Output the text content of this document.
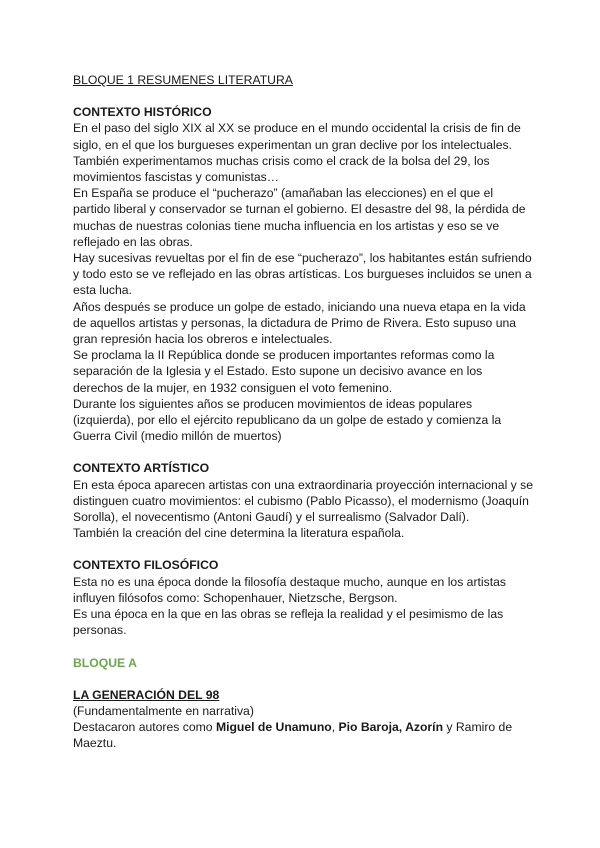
BLOQUE 1 RESUMENES LITERATURA

CONTEXTO HISTÓRICO

En el paso del siglo XIX al XX se produce en el mundo occidental la crisis de fin de siglo, en el que los burgueses experimentan un gran declive por los intelectuales.

También experimentamos muchas crisis como el crack de la bolsa del 29, los movimientos fascistas y comunistas…

En España se produce el “pucherazo” (amañaban las elecciones) en el que el partido liberal y conservador se turnan el gobierno. El desastre del 98, la pérdida de muchas de nuestras colonias tiene mucha influencia en los artistas y eso se ve reflejado en las obras.

Hay sucesivas revueltas por el fin de ese “pucherazo”, los habitantes están sufriendo y todo esto se ve reflejado en las obras artísticas. Los burgueses incluidos se unen a esta lucha.

Años después se produce un golpe de estado, iniciando una nueva etapa en la vida de aquellos artistas y personas, la dictadura de Primo de Rivera. Esto supuso una gran represión hacia los obreros e intelectuales.

Se proclama la II República donde se producen importantes reformas como la separación de la Iglesia y el Estado. Esto supone un decisivo avance en los derechos de la mujer, en 1932 consiguen el voto femenino.

Durante los siguientes años se producen movimientos de ideas populares (izquierda), por ello el ejército republicano da un golpe de estado y comienza la Guerra Civil (medio millón de muertos)

CONTEXTO ARTÍSTICO

En esta época aparecen artistas con una extraordinaria proyección internacional y se distinguen cuatro movimientos: el cubismo (Pablo Picasso), el modernismo (Joaquín Sorolla), el novecentismo (Antoni Gaudí) y el surrealismo (Salvador Dalí).

También la creación del cine determina la literatura española.

CONTEXTO FILOSÓFICO

Esta no es una época donde la filosofía destaque mucho, aunque en los artistas influyen filósofos como: Schopenhauer, Nietzsche, Bergson.

Es una época en la que en las obras se refleja la realidad y el pesimismo de las personas.

BLOQUE A

LA GENERACIÓN DEL 98

(Fundamentalmente en narrativa)

Destacaron autores como Miguel de Unamuno, Pio Baroja, Azorín y Ramiro de Maeztu.
